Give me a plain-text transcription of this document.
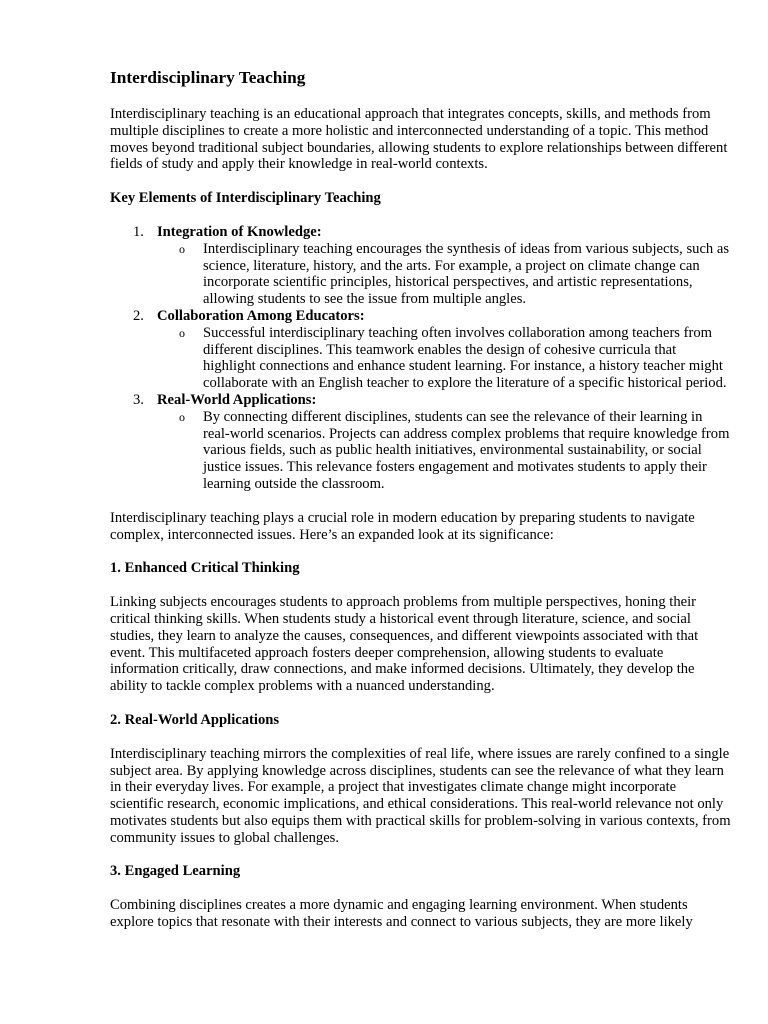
Interdisciplinary Teaching

Interdisciplinary teaching is an educational approach that integrates concepts, skills, and methods from multiple disciplines to create a more holistic and interconnected understanding of a topic. This method moves beyond traditional subject boundaries, allowing students to explore relationships between different fields of study and apply their knowledge in real-world contexts.

Key Elements of Interdisciplinary Teaching
1. Integration of Knowledge:
o Interdisciplinary teaching encourages the synthesis of ideas from various subjects, such as science, literature, history, and the arts. For example, a project on climate change can incorporate scientific principles, historical perspectives, and artistic representations, allowing students to see the issue from multiple angles.
2. Collaboration Among Educators:
o Successful interdisciplinary teaching often involves collaboration among teachers from different disciplines. This teamwork enables the design of cohesive curricula that highlight connections and enhance student learning. For instance, a history teacher might collaborate with an English teacher to explore the literature of a specific historical period.
3. Real-World Applications:
o By connecting different disciplines, students can see the relevance of their learning in real-world scenarios. Projects can address complex problems that require knowledge from various fields, such as public health initiatives, environmental sustainability, or social justice issues. This relevance fosters engagement and motivates students to apply their learning outside the classroom.

Interdisciplinary teaching plays a crucial role in modern education by preparing students to navigate complex, interconnected issues. Here’s an expanded look at its significance:

1. Enhanced Critical Thinking

Linking subjects encourages students to approach problems from multiple perspectives, honing their critical thinking skills. When students study a historical event through literature, science, and social studies, they learn to analyze the causes, consequences, and different viewpoints associated with that event. This multifaceted approach fosters deeper comprehension, allowing students to evaluate information critically, draw connections, and make informed decisions. Ultimately, they develop the ability to tackle complex problems with a nuanced understanding.

2. Real-World Applications

Interdisciplinary teaching mirrors the complexities of real life, where issues are rarely confined to a single subject area. By applying knowledge across disciplines, students can see the relevance of what they learn in their everyday lives. For example, a project that investigates climate change might incorporate scientific research, economic implications, and ethical considerations. This real-world relevance not only motivates students but also equips them with practical skills for problem-solving in various contexts, from community issues to global challenges.

3. Engaged Learning

Combining disciplines creates a more dynamic and engaging learning environment. When students explore topics that resonate with their interests and connect to various subjects, they are more likely
